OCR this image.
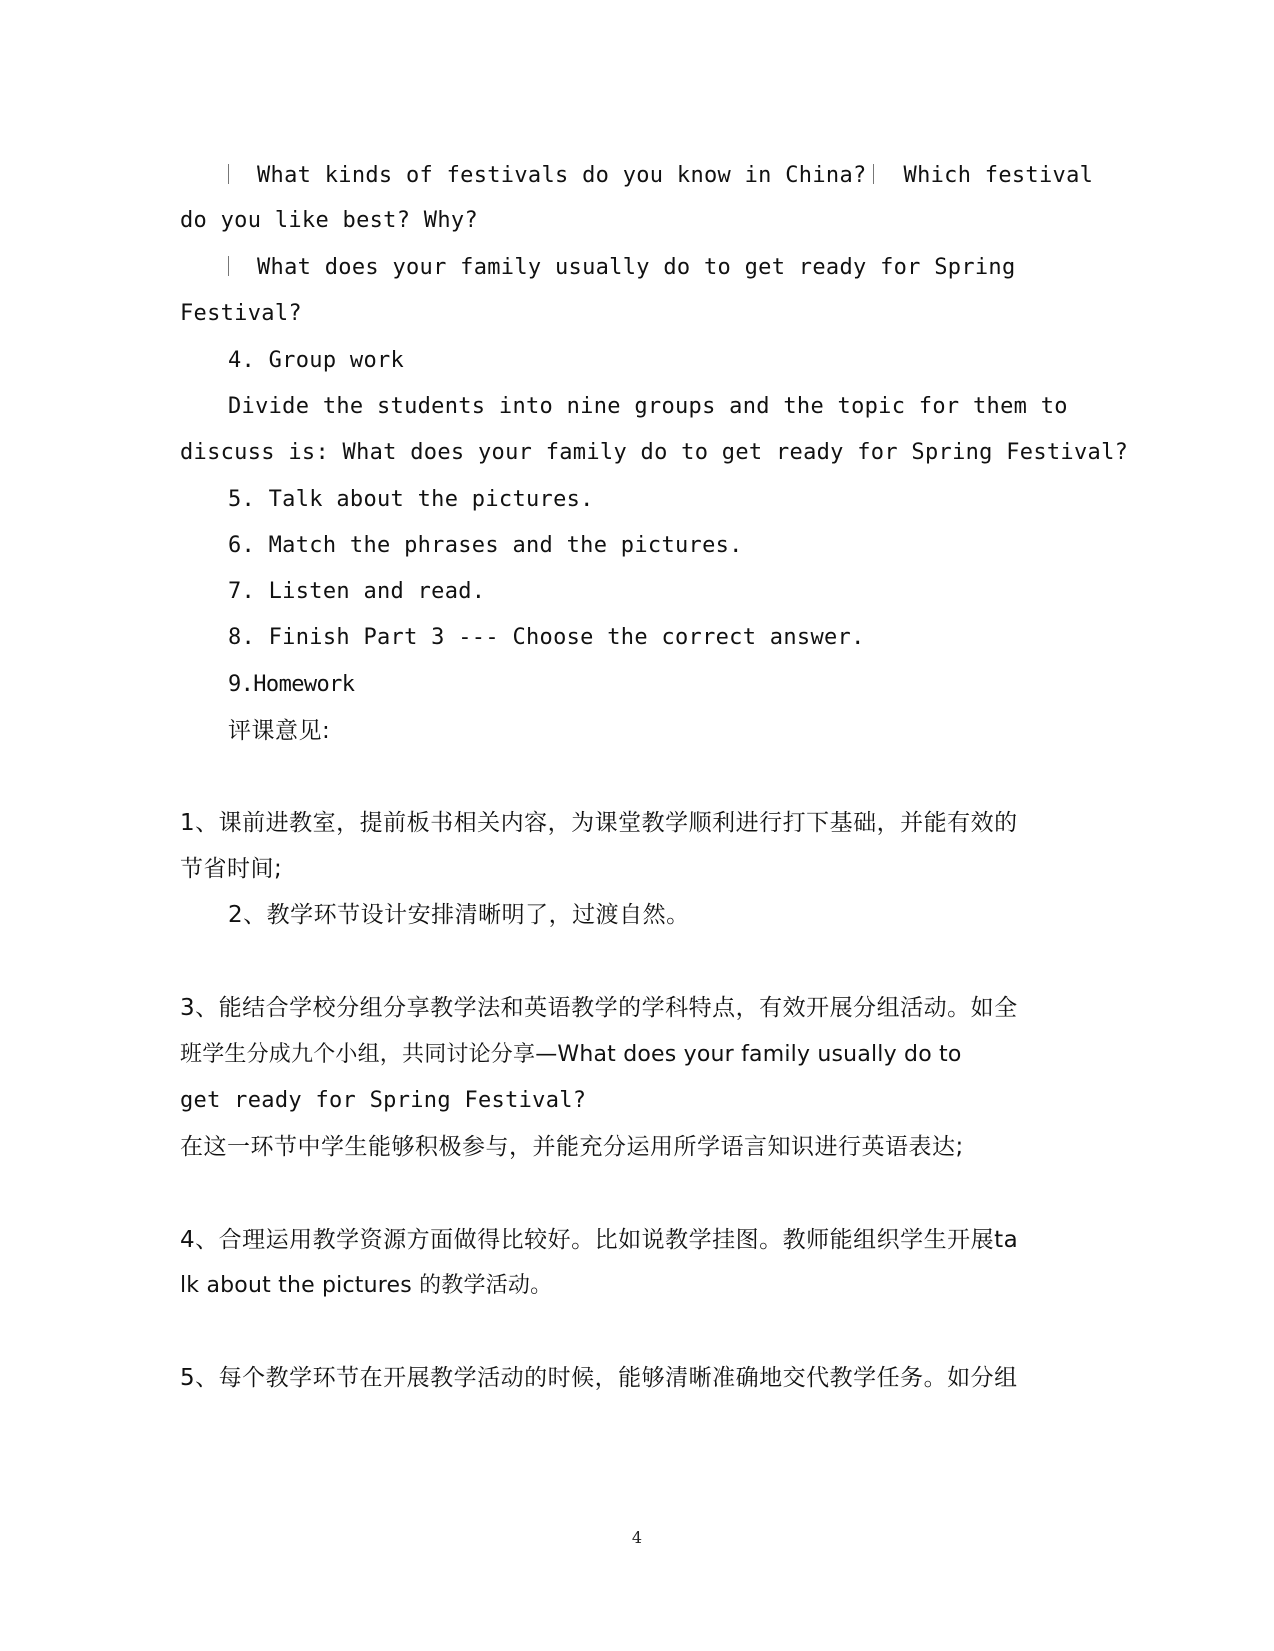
What kinds of festivals do you know in China? Which festival
do you like best? Why?
What does your family usually do to get ready for Spring
Festival?
4. Group work
Divide the students into nine groups and the topic for them to
discuss is: What does your family do to get ready for Spring Festival?
5. Talk about the pictures.
6. Match the phrases and the pictures.
7. Listen and read.
8. Finish Part 3 --- Choose the correct answer.
9.Homework
评课意见:
1、课前进教室，提前板书相关内容，为课堂教学顺利进行打下基础，并能有效的
节省时间;
2、教学环节设计安排清晰明了，过渡自然。
3、能结合学校分组分享教学法和英语教学的学科特点，有效开展分组活动。如全
班学生分成九个小组，共同讨论分享—What does your family usually do to
get ready for Spring Festival?
在这一环节中学生能够积极参与，并能充分运用所学语言知识进行英语表达;
4、合理运用教学资源方面做得比较好。比如说教学挂图。教师能组织学生开展ta
lk about the pictures 的教学活动。
5、每个教学环节在开展教学活动的时候，能够清晰准确地交代教学任务。如分组
4
